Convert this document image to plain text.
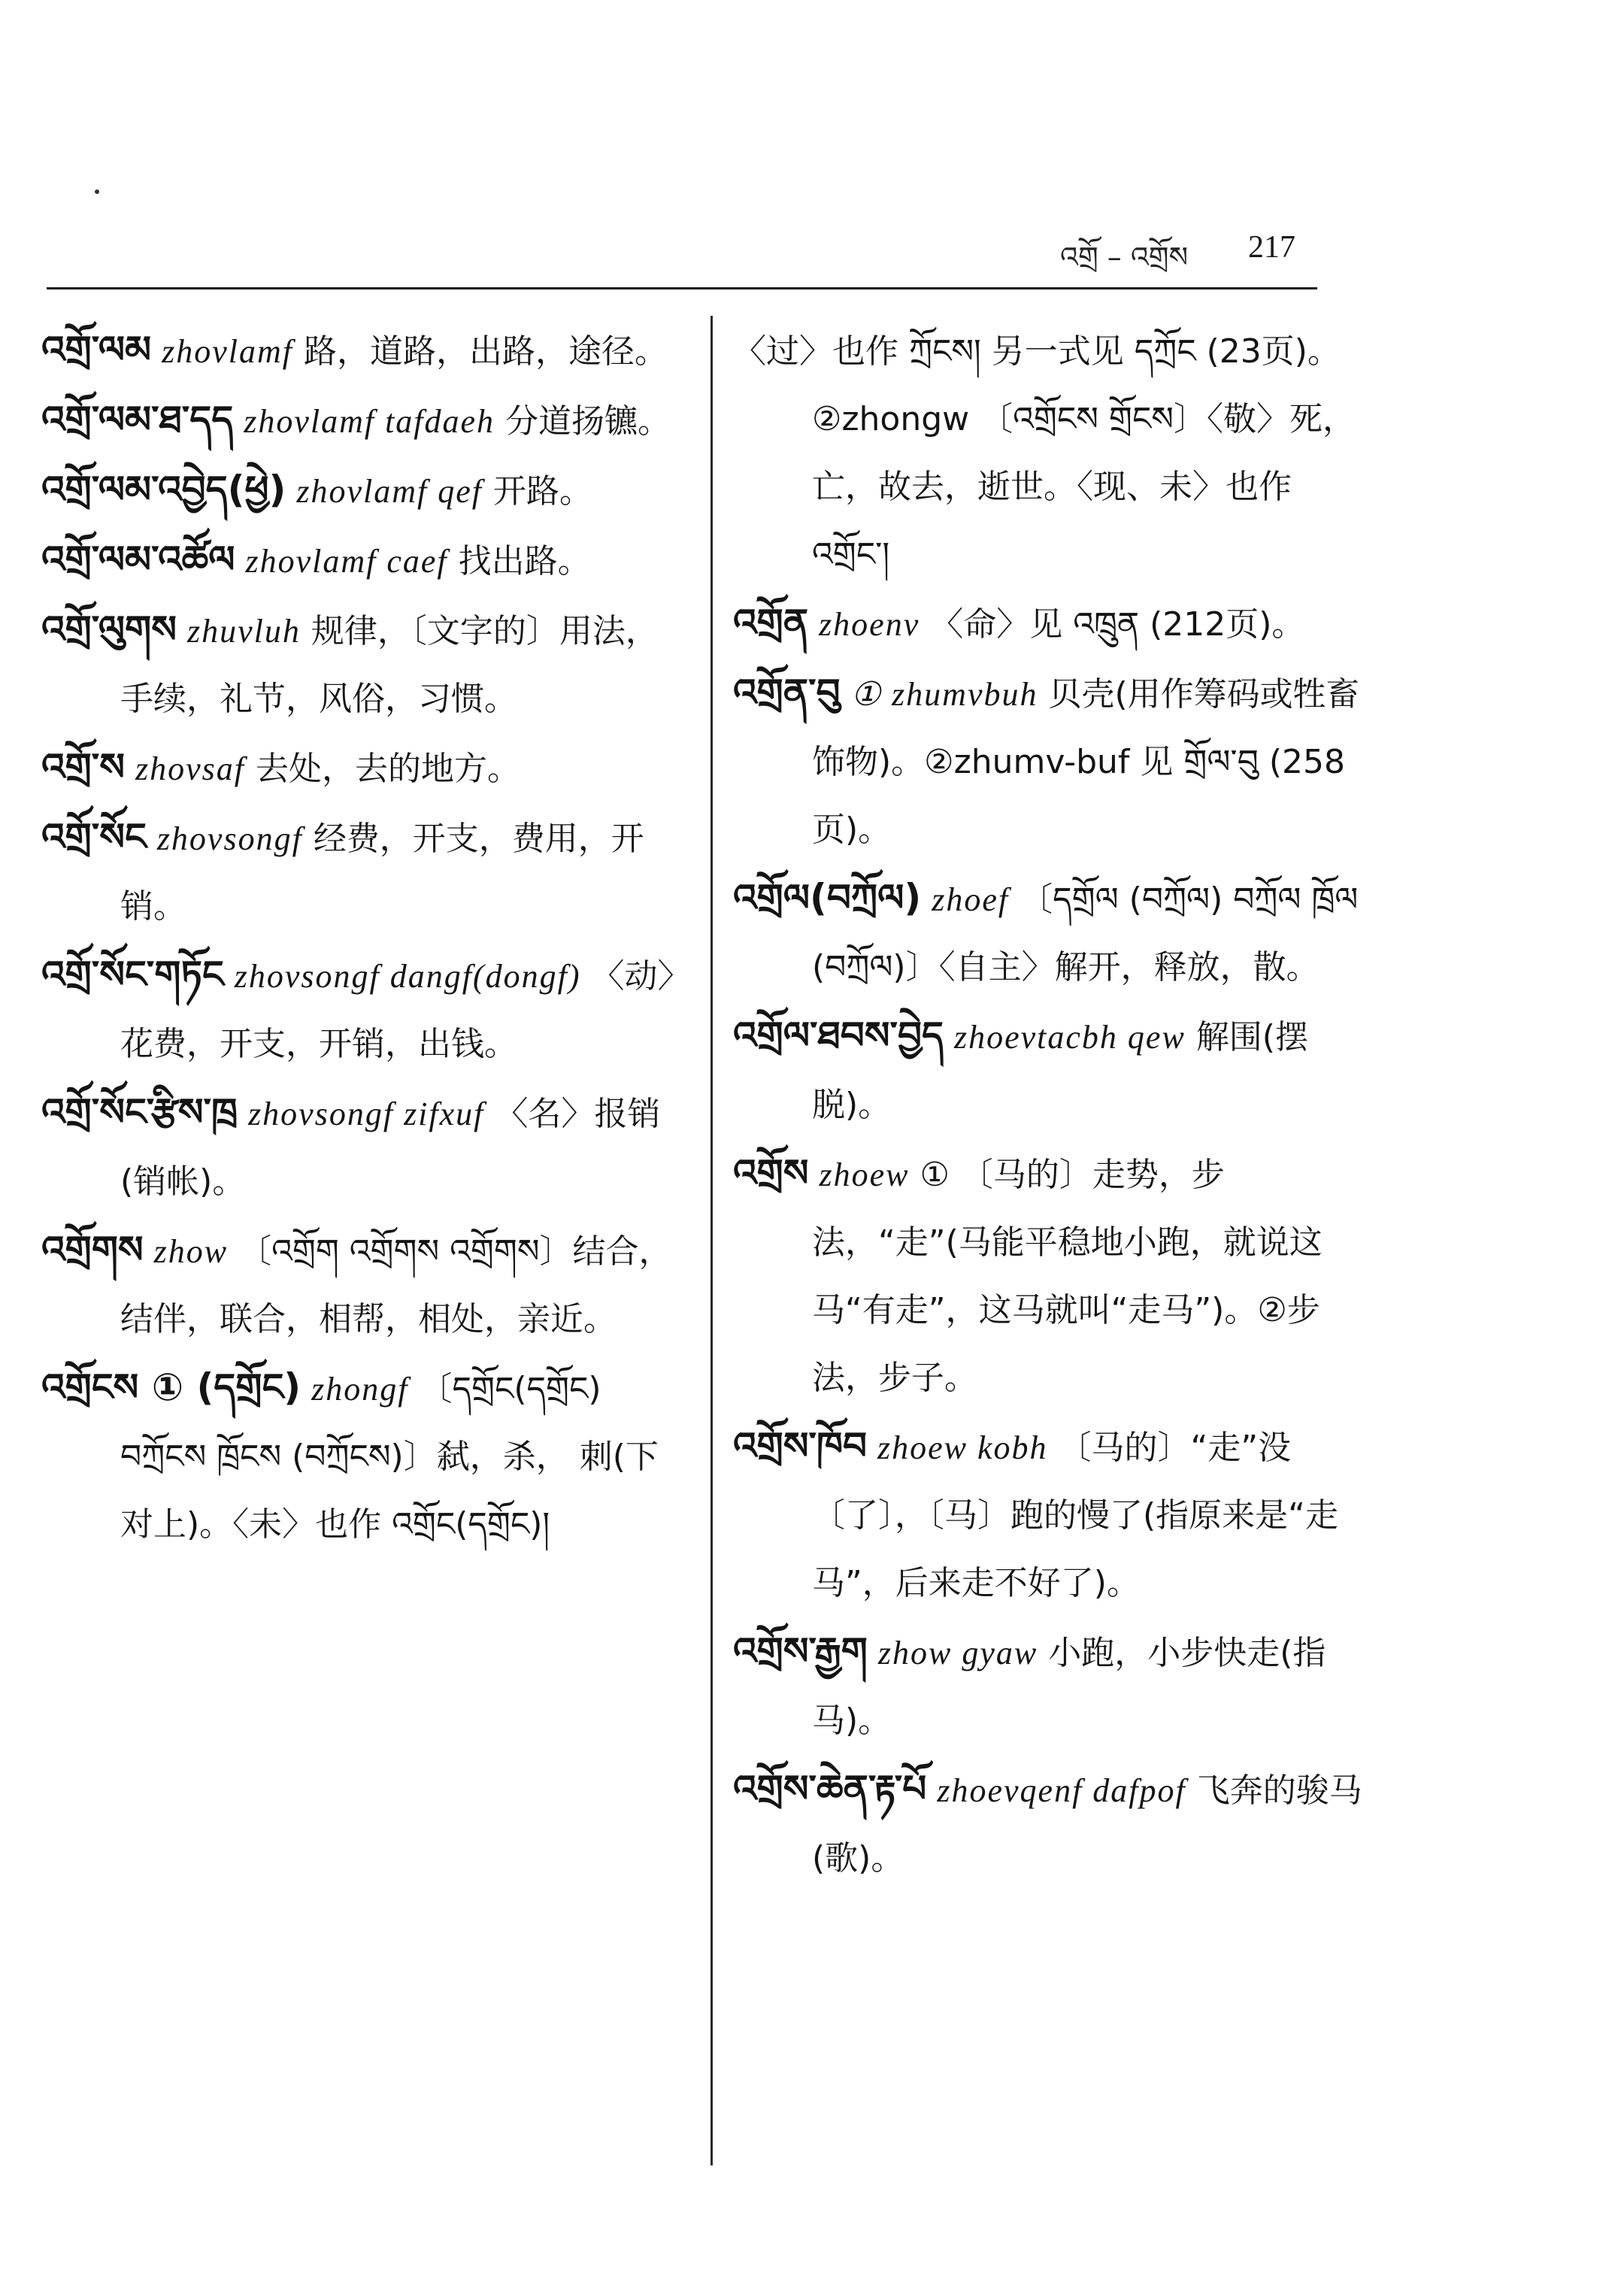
འགྲོ – འགྲོས 217

འགྲོ་ལམ zhovlamf 路，道路，出路，途径。

འགྲོ་ལམ་ཐ་དད zhovlamf tafdaeh 分道扬镳。

འགྲོ་ལམ་འབྱེད(ཕྱེ) zhovlamf qef 开路。

འགྲོ་ལམ་འཚོལ zhovlamf caef 找出路。

འགྲོ་ལུགས zhuvluh 规律，〔文字的〕用法，手续，礼节，风俗，习惯。

འགྲོ་ས zhovsaf 去处，去的地方。

འགྲོ་སོང zhovsongf 经费，开支，费用，开销。

འགྲོ་སོང་གཏོང zhovsongf dangf(dongf) 〈动〉花费，开支，开销，出钱。

འགྲོ་སོང་རྩིས་ཁྲ zhovsongf zifxuf 〈名〉报销(销帐)。

འགྲོགས zhow 〔འགྲོག འགྲོགས འགྲོགས〕结合，结伴，联合，相帮，相处，亲近。

འགྲོངས ① (དགྲོང) zhongf 〔དགྲོང(དགྲོང) བཀྲོངས ཁྲོངས (བཀྲོངས)〕弑，杀， 刺(下对上)。〈未〉也作 འགྲོང(དགྲོང)།

〈过〉也作 ཀྲོངས། 另一式见 དཀྲོང (23页)。 ②zhongw 〔འགྲོངས གྲོངས〕〈敬〉死，亡，故去，逝世。〈现、未〉也作 འགྲོང་།

འགྲོན zhoenv 〈命〉见 འཁྲུན (212页)。

འགྲོན་བུ ① zhumvbuh 贝壳(用作筹码或牲畜饰物)。②zhumv-buf 见 གྲོལ་བུ (258 页)。

འགྲོལ(བཀྲོལ) zhoef 〔དགྲོལ (བཀྲོལ) བཀྲོལ ཁྲོལ (བཀྲོལ)〕〈自主〉解开，释放，散。

འགྲོལ་ཐབས་བྱེད zhoevtacbh qew 解围(摆脱)。

འགྲོས zhoew ① 〔马的〕走势，步法，“走”(马能平稳地小跑，就说这马“有走”，这马就叫“走马”)。②步法，步子。

འགྲོས་ཁོབ zhoew kobh 〔马的〕“走”没〔了〕，〔马〕跑的慢了(指原来是“走马”，后来走不好了)。

འགྲོས་རྒྱག zhow gyaw 小跑，小步快走(指马)。

འགྲོས་ཆེན་རྟ་པོ zhoevqenf dafpof 飞奔的骏马(歌)。
